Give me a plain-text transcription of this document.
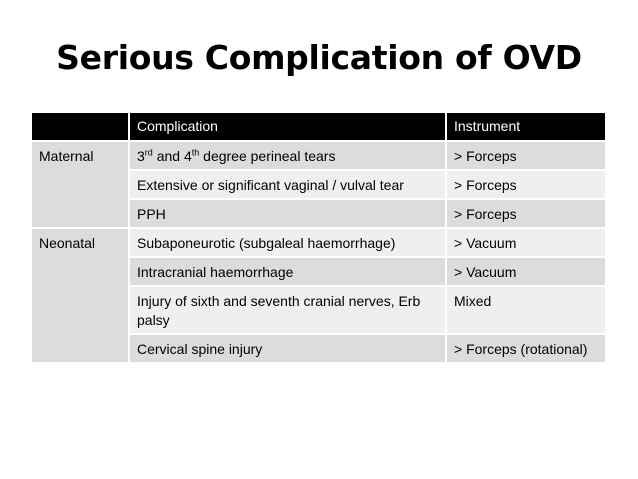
Serious Complication of OVD
	Complication	Instrument
Maternal	3rd and 4th degree perineal tears	> Forceps
	Extensive or significant vaginal / vulval tear	> Forceps
	PPH	> Forceps
Neonatal	Subaponeurotic (subgaleal haemorrhage)	> Vacuum
	Intracranial haemorrhage	> Vacuum
	Injury of sixth and seventh cranial nerves, Erb palsy	Mixed
	Cervical spine injury	> Forceps (rotational)
